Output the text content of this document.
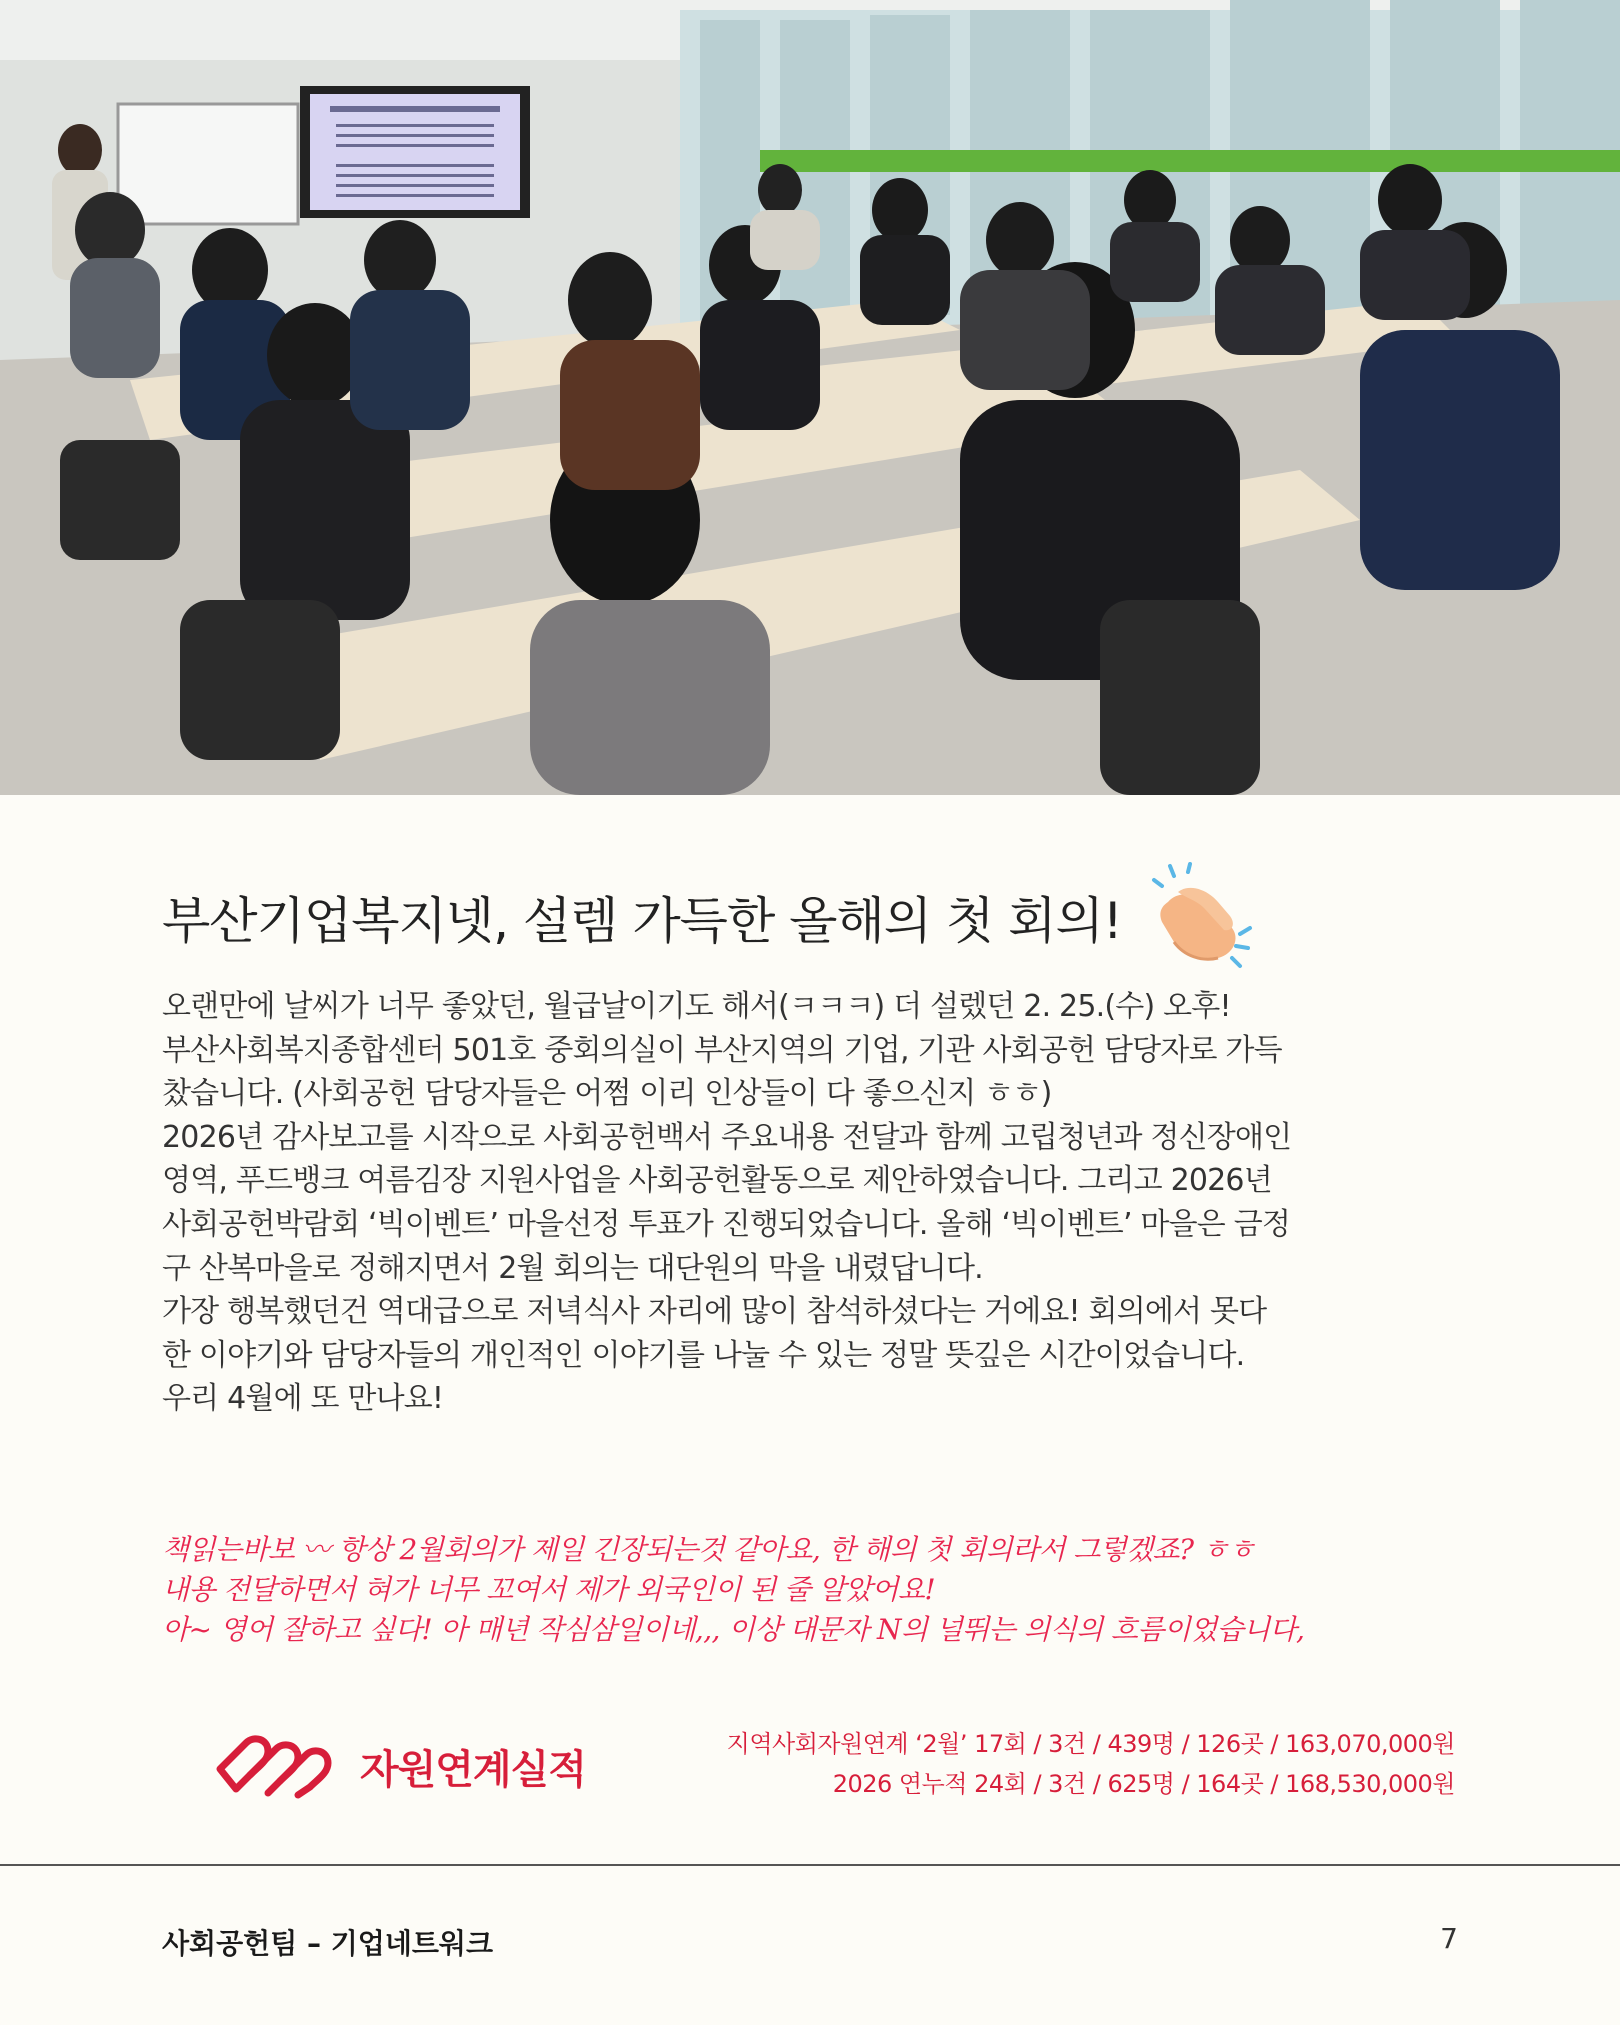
부산기업복지넷, 설렘 가득한 올해의 첫 회의!
오랜만에 날씨가 너무 좋았던, 월급날이기도 해서(ㅋㅋㅋ) 더 설렜던 2. 25.(수) 오후!
부산사회복지종합센터 501호 중회의실이 부산지역의 기업, 기관 사회공헌 담당자로 가득
찼습니다. (사회공헌 담당자들은 어쩜 이리 인상들이 다 좋으신지 ㅎㅎ)
2026년 감사보고를 시작으로 사회공헌백서 주요내용 전달과 함께 고립청년과 정신장애인
영역, 푸드뱅크 여름김장 지원사업을 사회공헌활동으로 제안하였습니다. 그리고 2026년
사회공헌박람회 ‘빅이벤트’ 마을선정 투표가 진행되었습니다. 올해 ‘빅이벤트’ 마을은 금정
구 산복마을로 정해지면서 2월 회의는 대단원의 막을 내렸답니다.
가장 행복했던건 역대급으로 저녁식사 자리에 많이 참석하셨다는 거에요! 회의에서 못다
한 이야기와 담당자들의 개인적인 이야기를 나눌 수 있는 정말 뜻깊은 시간이었습니다.
우리 4월에 또 만나요!
책읽는바보 〰 항상 2월회의가 제일 긴장되는것 같아요, 한 해의 첫 회의라서 그렇겠죠? ㅎㅎ
내용 전달하면서 혀가 너무 꼬여서 제가 외국인이 된 줄 알았어요!
아~ 영어 잘하고 싶다! 아 매년 작심삼일이네,,, 이상 대문자 N의 널뛰는 의식의 흐름이었습니다,
자원연계실적
지역사회자원연계 ‘2월’ 17회 / 3건 / 439명 / 126곳 / 163,070,000원
2026 연누적 24회 / 3건 / 625명 / 164곳 / 168,530,000원
사회공헌팀 – 기업네트워크	7
